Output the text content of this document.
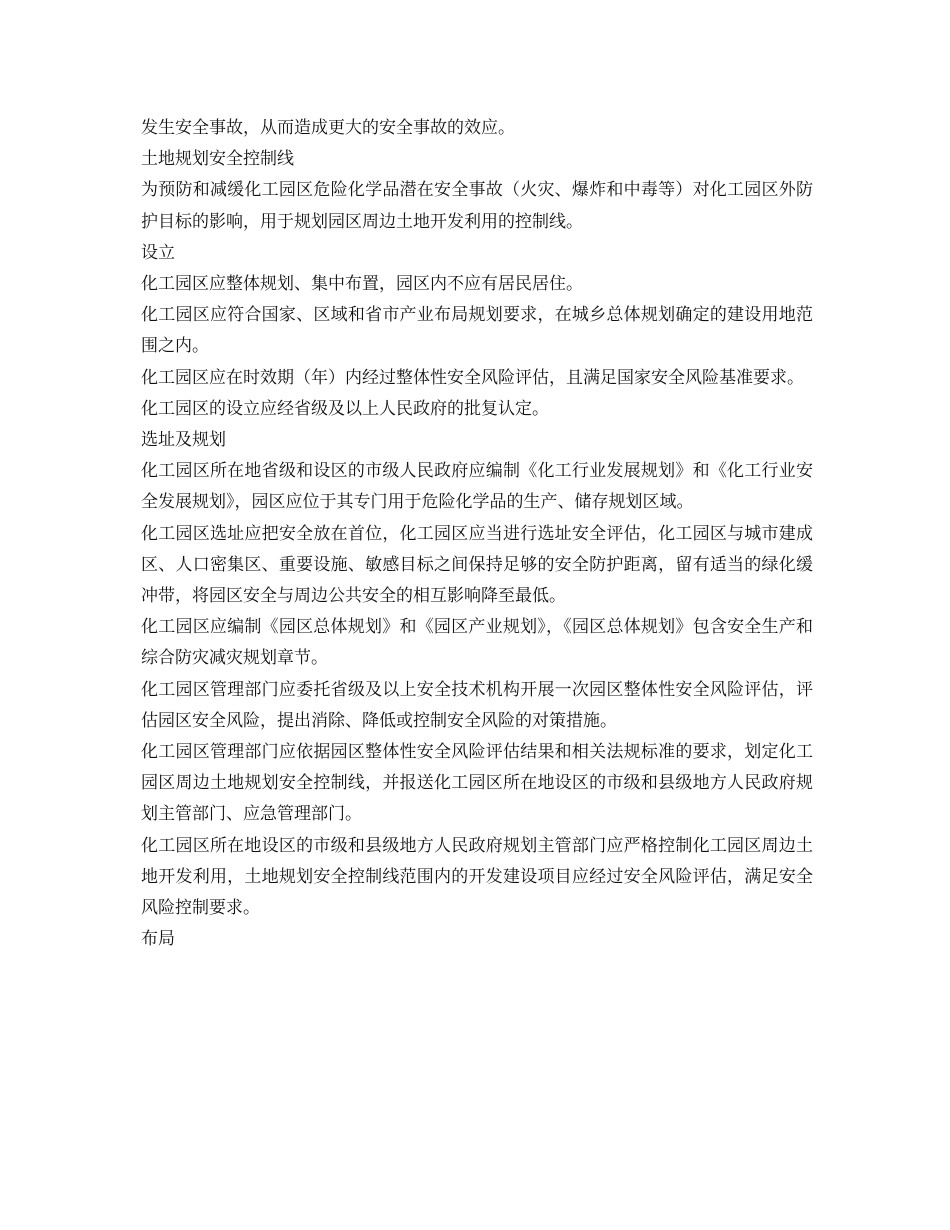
发生安全事故，从而造成更大的安全事故的效应。

土地规划安全控制线

为预防和减缓化工园区危险化学品潜在安全事故（火灾、爆炸和中毒等）对化工园区外防护目标的影响，用于规划园区周边土地开发利用的控制线。

设立

化工园区应整体规划、集中布置，园区内不应有居民居住。

化工园区应符合国家、区域和省市产业布局规划要求，在城乡总体规划确定的建设用地范围之内。

化工园区应在时效期（年）内经过整体性安全风险评估，且满足国家安全风险基准要求。

化工园区的设立应经省级及以上人民政府的批复认定。

选址及规划

化工园区所在地省级和设区的市级人民政府应编制《化工行业发展规划》和《化工行业安全发展规划》，园区应位于其专门用于危险化学品的生产、储存规划区域。

化工园区选址应把安全放在首位，化工园区应当进行选址安全评估，化工园区与城市建成区、人口密集区、重要设施、敏感目标之间保持足够的安全防护距离，留有适当的绿化缓冲带，将园区安全与周边公共安全的相互影响降至最低。

化工园区应编制《园区总体规划》和《园区产业规划》，《园区总体规划》包含安全生产和综合防灾减灾规划章节。

化工园区管理部门应委托省级及以上安全技术机构开展一次园区整体性安全风险评估，评估园区安全风险，提出消除、降低或控制安全风险的对策措施。

化工园区管理部门应依据园区整体性安全风险评估结果和相关法规标准的要求，划定化工园区周边土地规划安全控制线，并报送化工园区所在地设区的市级和县级地方人民政府规划主管部门、应急管理部门。

化工园区所在地设区的市级和县级地方人民政府规划主管部门应严格控制化工园区周边土地开发利用，土地规划安全控制线范围内的开发建设项目应经过安全风险评估，满足安全风险控制要求。

布局
